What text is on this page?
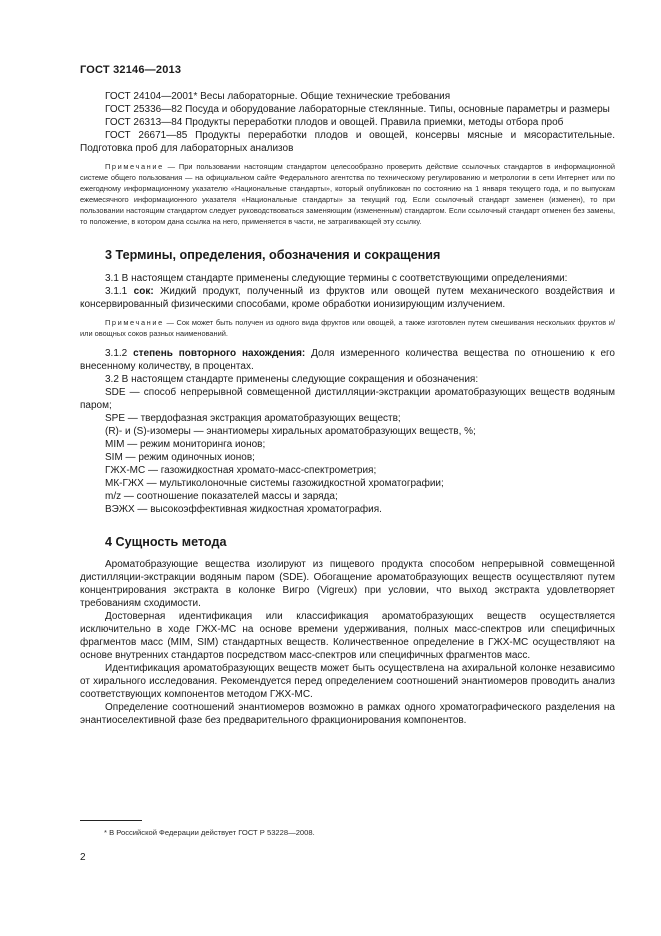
ГОСТ 32146—2013

ГОСТ 24104—2001* Весы лабораторные. Общие технические требования

ГОСТ 25336—82 Посуда и оборудование лабораторные стеклянные. Типы, основные параметры и размеры

ГОСТ 26313—84 Продукты переработки плодов и овощей. Правила приемки, методы отбора проб

ГОСТ 26671—85 Продукты переработки плодов и овощей, консервы мясные и мясорастительные. Подготовка проб для лабораторных анализов

Примечание — При пользовании настоящим стандартом целесообразно проверить действие ссылочных стандартов в информационной системе общего пользования — на официальном сайте Федерального агентства по техническому регулированию и метрологии в сети Интернет или по ежегодному информационному указателю «Национальные стандарты», который опубликован по состоянию на 1 января текущего года, и по выпускам ежемесячного информационного указателя «Национальные стандарты» за текущий год. Если ссылочный стандарт заменен (изменен), то при пользовании настоящим стандартом следует руководствоваться заменяющим (измененным) стандартом. Если ссылочный стандарт отменен без замены, то положение, в котором дана ссылка на него, применяется в части, не затрагивающей эту ссылку.

3 Термины, определения, обозначения и сокращения

3.1 В настоящем стандарте применены следующие термины с соответствующими определениями:

3.1.1 сок: Жидкий продукт, полученный из фруктов или овощей путем механического воздействия и консервированный физическими способами, кроме обработки ионизирующим излучением.

Примечание — Сок может быть получен из одного вида фруктов или овощей, а также изготовлен путем смешивания нескольких фруктов и/или овощных соков разных наименований.

3.1.2 степень повторного нахождения: Доля измеренного количества вещества по отношению к его внесенному количеству, в процентах.

3.2 В настоящем стандарте применены следующие сокращения и обозначения:

SDE — способ непрерывной совмещенной дистилляции-экстракции ароматобразующих веществ водяным паром;

SPE — твердофазная экстракция ароматобразующих веществ;

(R)- и (S)-изомеры — энантиомеры хиральных ароматобразующих веществ, %;

MIM — режим мониторинга ионов;

SIM — режим одиночных ионов;

ГЖХ-МС — газожидкостная хромато-масс-спектрометрия;

МК-ГЖХ — мультиколоночные системы газожидкостной хроматографии;

m/z — соотношение показателей массы и заряда;

ВЭЖХ — высокоэффективная жидкостная хроматография.

4 Сущность метода

Ароматобразующие вещества изолируют из пищевого продукта способом непрерывной совмещенной дистилляции-экстракции водяным паром (SDE). Обогащение ароматобразующих веществ осуществляют путем концентрирования экстракта в колонке Вигро (Vigreux) при условии, что выход экстракта удовлетворяет требованиям сходимости.

Достоверная идентификация или классификация ароматобразующих веществ осуществляется исключительно в ходе ГЖХ-МС на основе времени удерживания, полных масс-спектров или специфичных фрагментов масс (MIM, SIM) стандартных веществ. Количественное определение в ГЖХ-МС осуществляют на основе внутренних стандартов посредством масс-спектров или специфичных фрагментов масс.

Идентификация ароматобразующих веществ может быть осуществлена на ахиральной колонке независимо от хирального исследования. Рекомендуется перед определением соотношений энантиомеров проводить анализ соответствующих компонентов методом ГЖХ-МС.

Определение соотношений энантиомеров возможно в рамках одного хроматографического разделения на энантиоселективной фазе без предварительного фракционирования компонентов.

* В Российской Федерации действует ГОСТ Р 53228—2008.
2
